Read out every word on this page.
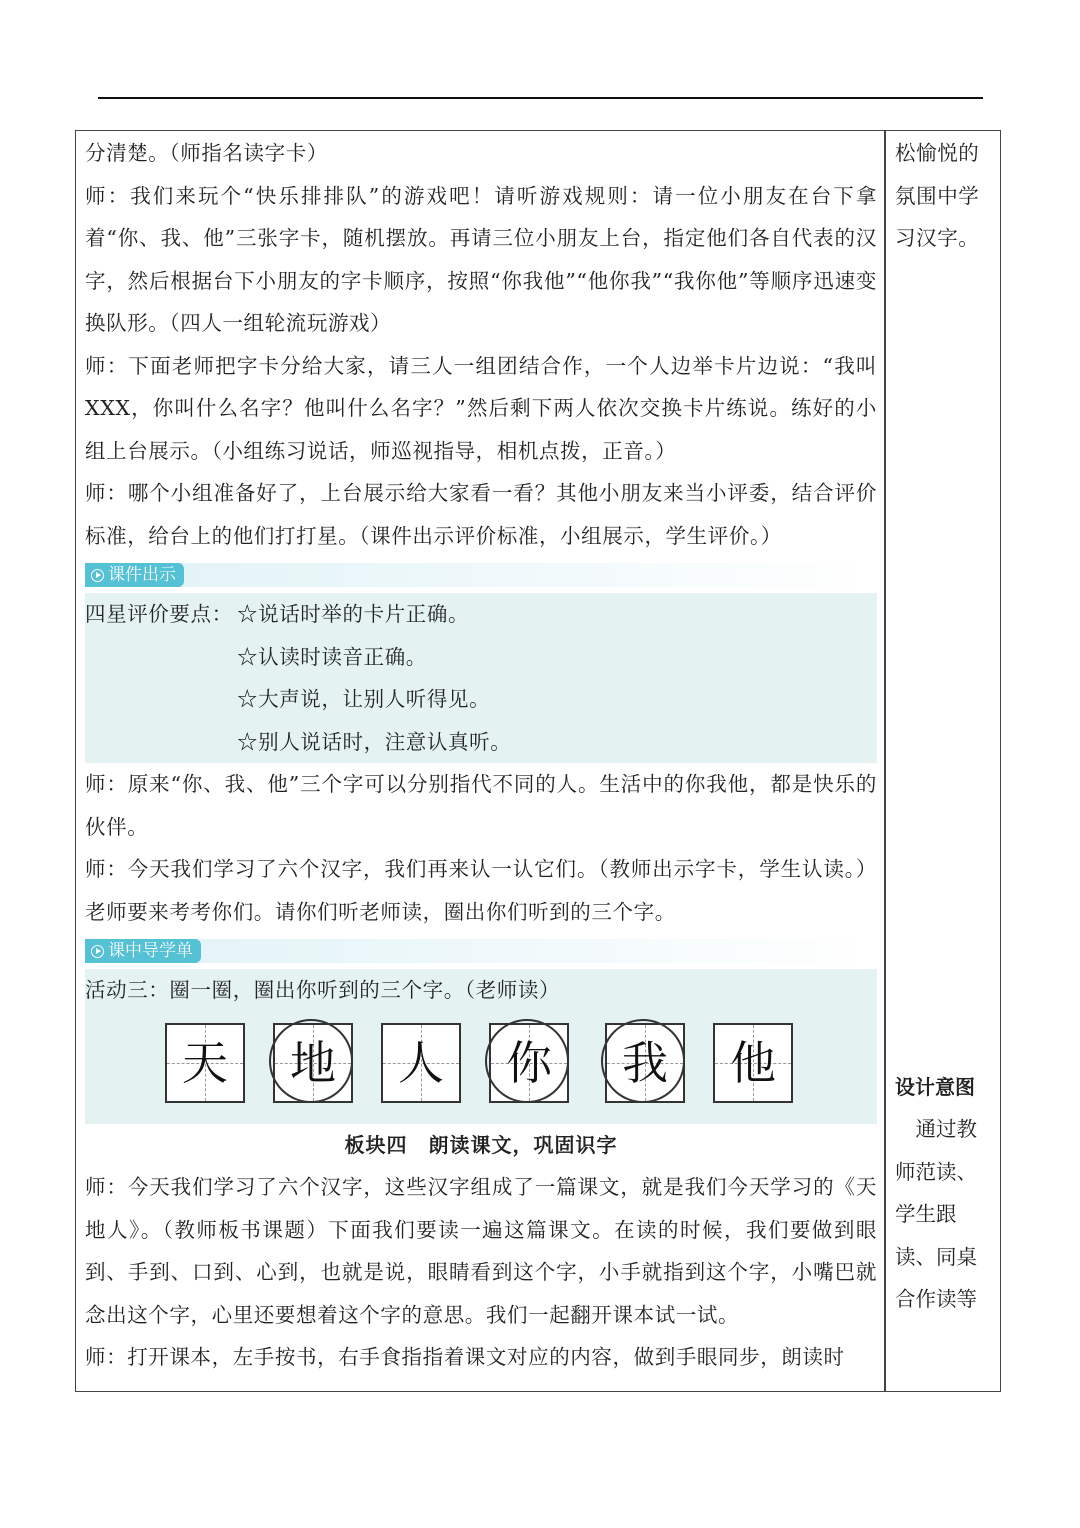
分清楚。（师指名读字卡）

师：我们来玩个“快乐排排队”的游戏吧！请听游戏规则：请一位小朋友在台下拿着“你、我、他”三张字卡，随机摆放。再请三位小朋友上台，指定他们各自代表的汉字，然后根据台下小朋友的字卡顺序，按照“你我他”“他你我”“我你他”等顺序迅速变换队形。（四人一组轮流玩游戏）

师：下面老师把字卡分给大家，请三人一组团结合作，一个人边举卡片边说：“我叫XXX，你叫什么名字？他叫什么名字？”然后剩下两人依次交换卡片练说。练好的小组上台展示。（小组练习说话，师巡视指导，相机点拨，正音。）

师：哪个小组准备好了，上台展示给大家看一看？其他小朋友来当小评委，结合评价标准，给台上的他们打打星。（课件出示评价标准，小组展示，学生评价。）

课件出示
四星评价要点： ☆说话时举的卡片正确。
☆认读时读音正确。
☆大声说，让别人听得见。
☆别人说话时，注意认真听。

师：原来“你、我、他”三个字可以分别指代不同的人。生活中的你我他，都是快乐的伙伴。

师：今天我们学习了六个汉字，我们再来认一认它们。（教师出示字卡，学生认读。）老师要来考考你们。请你们听老师读，圈出你们听到的三个字。

课中导学单
活动三：圈一圈，圈出你听到的三个字。（老师读）
天	地	人	你	我	他
板块四　朗读课文，巩固识字

师：今天我们学习了六个汉字，这些汉字组成了一篇课文，就是我们今天学习的《天地人》。（教师板书课题）下面我们要读一遍这篇课文。在读的时候，我们要做到眼到、手到、口到、心到，也就是说，眼睛看到这个字，小手就指到这个字，小嘴巴就念出这个字，心里还要想着这个字的意思。我们一起翻开课本试一试。

师：打开课本，左手按书，右手食指指着课文对应的内容，做到手眼同步，朗读时

松愉悦的氛围中学习汉字。
设计意图
　通过教师范读、学生跟读、同桌合作读等
